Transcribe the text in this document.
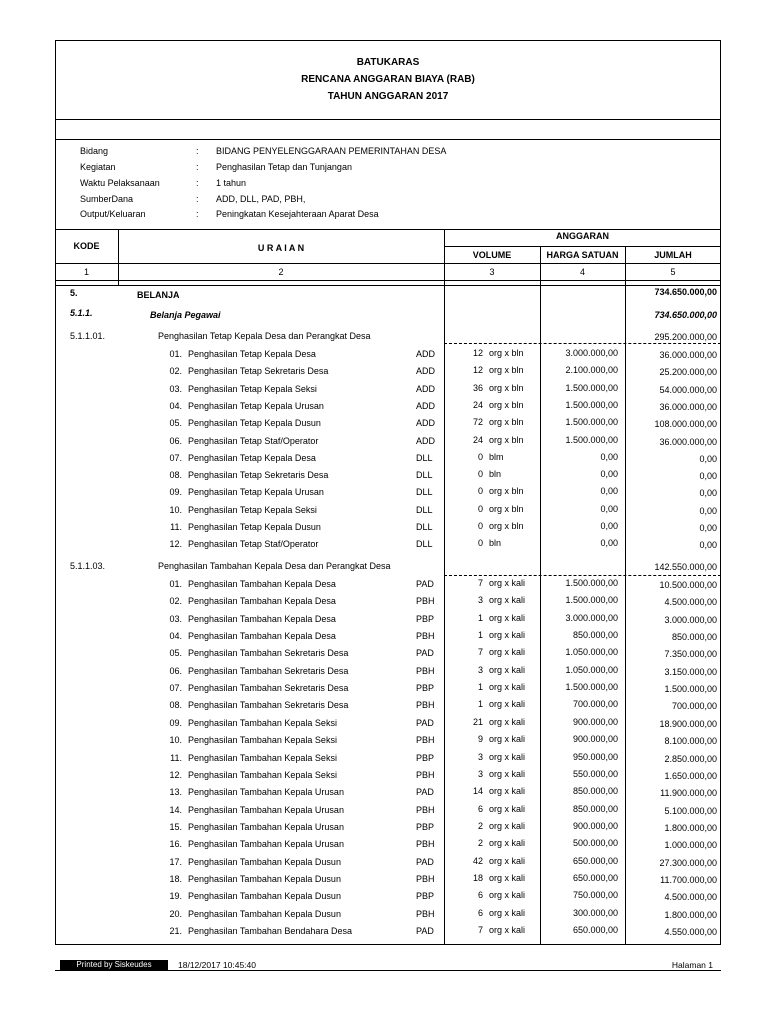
BATUKARAS
RENCANA ANGGARAN BIAYA (RAB)
TAHUN ANGGARAN 2017
Bidang	: BIDANG PENYELENGGARAAN PEMERINTAHAN DESA
Kegiatan	: Penghasilan Tetap dan Tunjangan
Waktu Pelaksanaan	: 1 tahun
SumberDana	: ADD, DLL, PAD, PBH,
Output/Keluaran	: Peningkatan Kesejahteraan Aparat Desa
KODE	U R A I A N
ANGGARAN
VOLUME	HARGA SATUAN	JUMLAH
1	2	3	4	5
5.	BELANJA	734.650.000,00
5.1.1.	Belanja Pegawai	734.650.000,00
5.1.1.01.	Penghasilan Tetap Kepala Desa dan Perangkat Desa	295.200.000,00
01. Penghasilan Tetap Kepala Desa	ADD	12 org x bln	3.000.000,00	36.000.000,00
02. Penghasilan Tetap Sekretaris Desa	ADD	12 org x bln	2.100.000,00	25.200.000,00
03. Penghasilan Tetap Kepala Seksi	ADD	36 org x bln	1.500.000,00	54.000.000,00
04. Penghasilan Tetap Kepala Urusan	ADD	24 org x bln	1.500.000,00	36.000.000,00
05. Penghasilan Tetap Kepala Dusun	ADD	72 org x bln	1.500.000,00	108.000.000,00
06. Penghasilan Tetap Staf/Operator	ADD	24 org x bln	1.500.000,00	36.000.000,00
07. Penghasilan Tetap Kepala Desa	DLL	0 blm	0,00	0,00
08. Penghasilan Tetap Sekretaris Desa	DLL	0 bln	0,00	0,00
09. Penghasilan Tetap Kepala Urusan	DLL	0 org x bln	0,00	0,00
10. Penghasilan Tetap Kepala Seksi	DLL	0 org x bln	0,00	0,00
11. Penghasilan Tetap Kepala Dusun	DLL	0 org x bln	0,00	0,00
12. Penghasilan Tetap Staf/Operator	DLL	0 bln	0,00	0,00
5.1.1.03.	Penghasilan Tambahan Kepala Desa dan Perangkat Desa	142.550.000,00
01. Penghasilan Tambahan Kepala Desa	PAD	7 org x kali	1.500.000,00	10.500.000,00
02. Penghasilan Tambahan Kepala Desa	PBH	3 org x kali	1.500.000,00	4.500.000,00
03. Penghasilan Tambahan Kepala Desa	PBP	1 org x kali	3.000.000,00	3.000.000,00
04. Penghasilan Tambahan Kepala Desa	PBH	1 org x kali	850.000,00	850.000,00
05. Penghasilan Tambahan Sekretaris Desa	PAD	7 org x kali	1.050.000,00	7.350.000,00
06. Penghasilan Tambahan Sekretaris Desa	PBH	3 org x kali	1.050.000,00	3.150.000,00
07. Penghasilan Tambahan Sekretaris Desa	PBP	1 org x kali	1.500.000,00	1.500.000,00
08. Penghasilan Tambahan Sekretaris Desa	PBH	1 org x kali	700.000,00	700.000,00
09. Penghasilan Tambahan Kepala Seksi	PAD	21 org x kali	900.000,00	18.900.000,00
10. Penghasilan Tambahan Kepala Seksi	PBH	9 org x kali	900.000,00	8.100.000,00
11. Penghasilan Tambahan Kepala Seksi	PBP	3 org x kali	950.000,00	2.850.000,00
12. Penghasilan Tambahan Kepala Seksi	PBH	3 org x kali	550.000,00	1.650.000,00
13. Penghasilan Tambahan Kepala Urusan	PAD	14 org x kali	850.000,00	11.900.000,00
14. Penghasilan Tambahan Kepala Urusan	PBH	6 org x kali	850.000,00	5.100.000,00
15. Penghasilan Tambahan Kepala Urusan	PBP	2 org x kali	900.000,00	1.800.000,00
16. Penghasilan Tambahan Kepala Urusan	PBH	2 org x kali	500.000,00	1.000.000,00
17. Penghasilan Tambahan Kepala Dusun	PAD	42 org x kali	650.000,00	27.300.000,00
18. Penghasilan Tambahan Kepala Dusun	PBH	18 org x kali	650.000,00	11.700.000,00
19. Penghasilan Tambahan Kepala Dusun	PBP	6 org x kali	750.000,00	4.500.000,00
20. Penghasilan Tambahan Kepala Dusun	PBH	6 org x kali	300.000,00	1.800.000,00
21. Penghasilan Tambahan Bendahara Desa	PAD	7 org x kali	650.000,00	4.550.000,00
Printed by Siskeudes	18/12/2017 10:45:40	Halaman 1
